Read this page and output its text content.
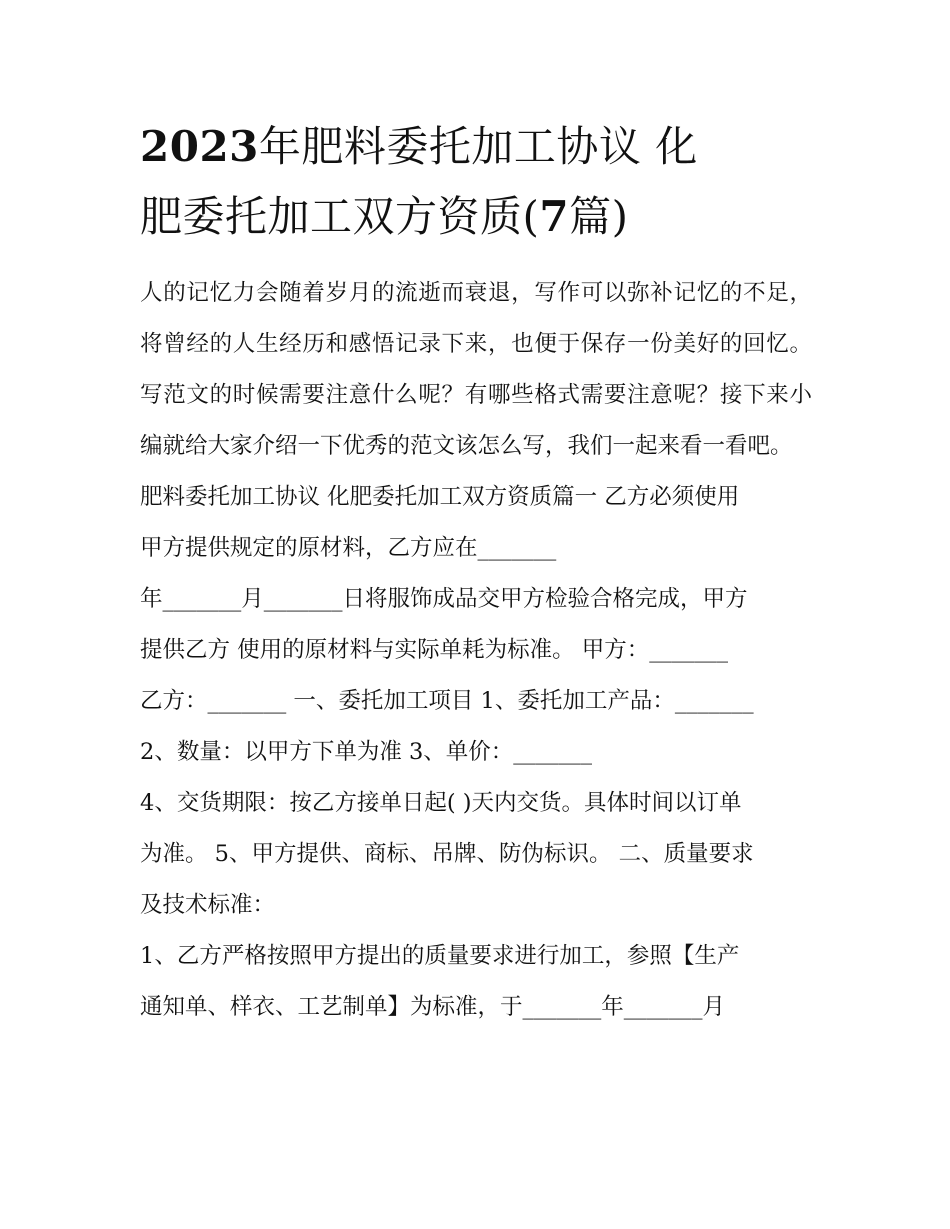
2023年肥料委托加工协议 化
肥委托加工双方资质(7篇)

人的记忆力会随着岁月的流逝而衰退，写作可以弥补记忆的不足，将曾经的人生经历和感悟记录下来，也便于保存一份美好的回忆。写范文的时候需要注意什么呢？有哪些格式需要注意呢？接下来小编就给大家介绍一下优秀的范文该怎么写，我们一起来看一看吧。

肥料委托加工协议 化肥委托加工双方资质篇一 乙方必须使用
甲方提供规定的原材料，乙方应在_______
年_______月_______日将服饰成品交甲方检验合格完成，甲方
提供乙方 使用的原材料与实际单耗为标准。 甲方：_______
乙方：_______ 一、委托加工项目 1、委托加工产品：_______
2、数量：以甲方下单为准 3、单价：_______
4、交货期限：按乙方接单日起( )天内交货。具体时间以订单
为准。 5、甲方提供、商标、吊牌、防伪标识。 二、质量要求
及技术标准：
1、乙方严格按照甲方提出的质量要求进行加工，参照【生产
通知单、样衣、工艺制单】为标准，于_______年_______月
